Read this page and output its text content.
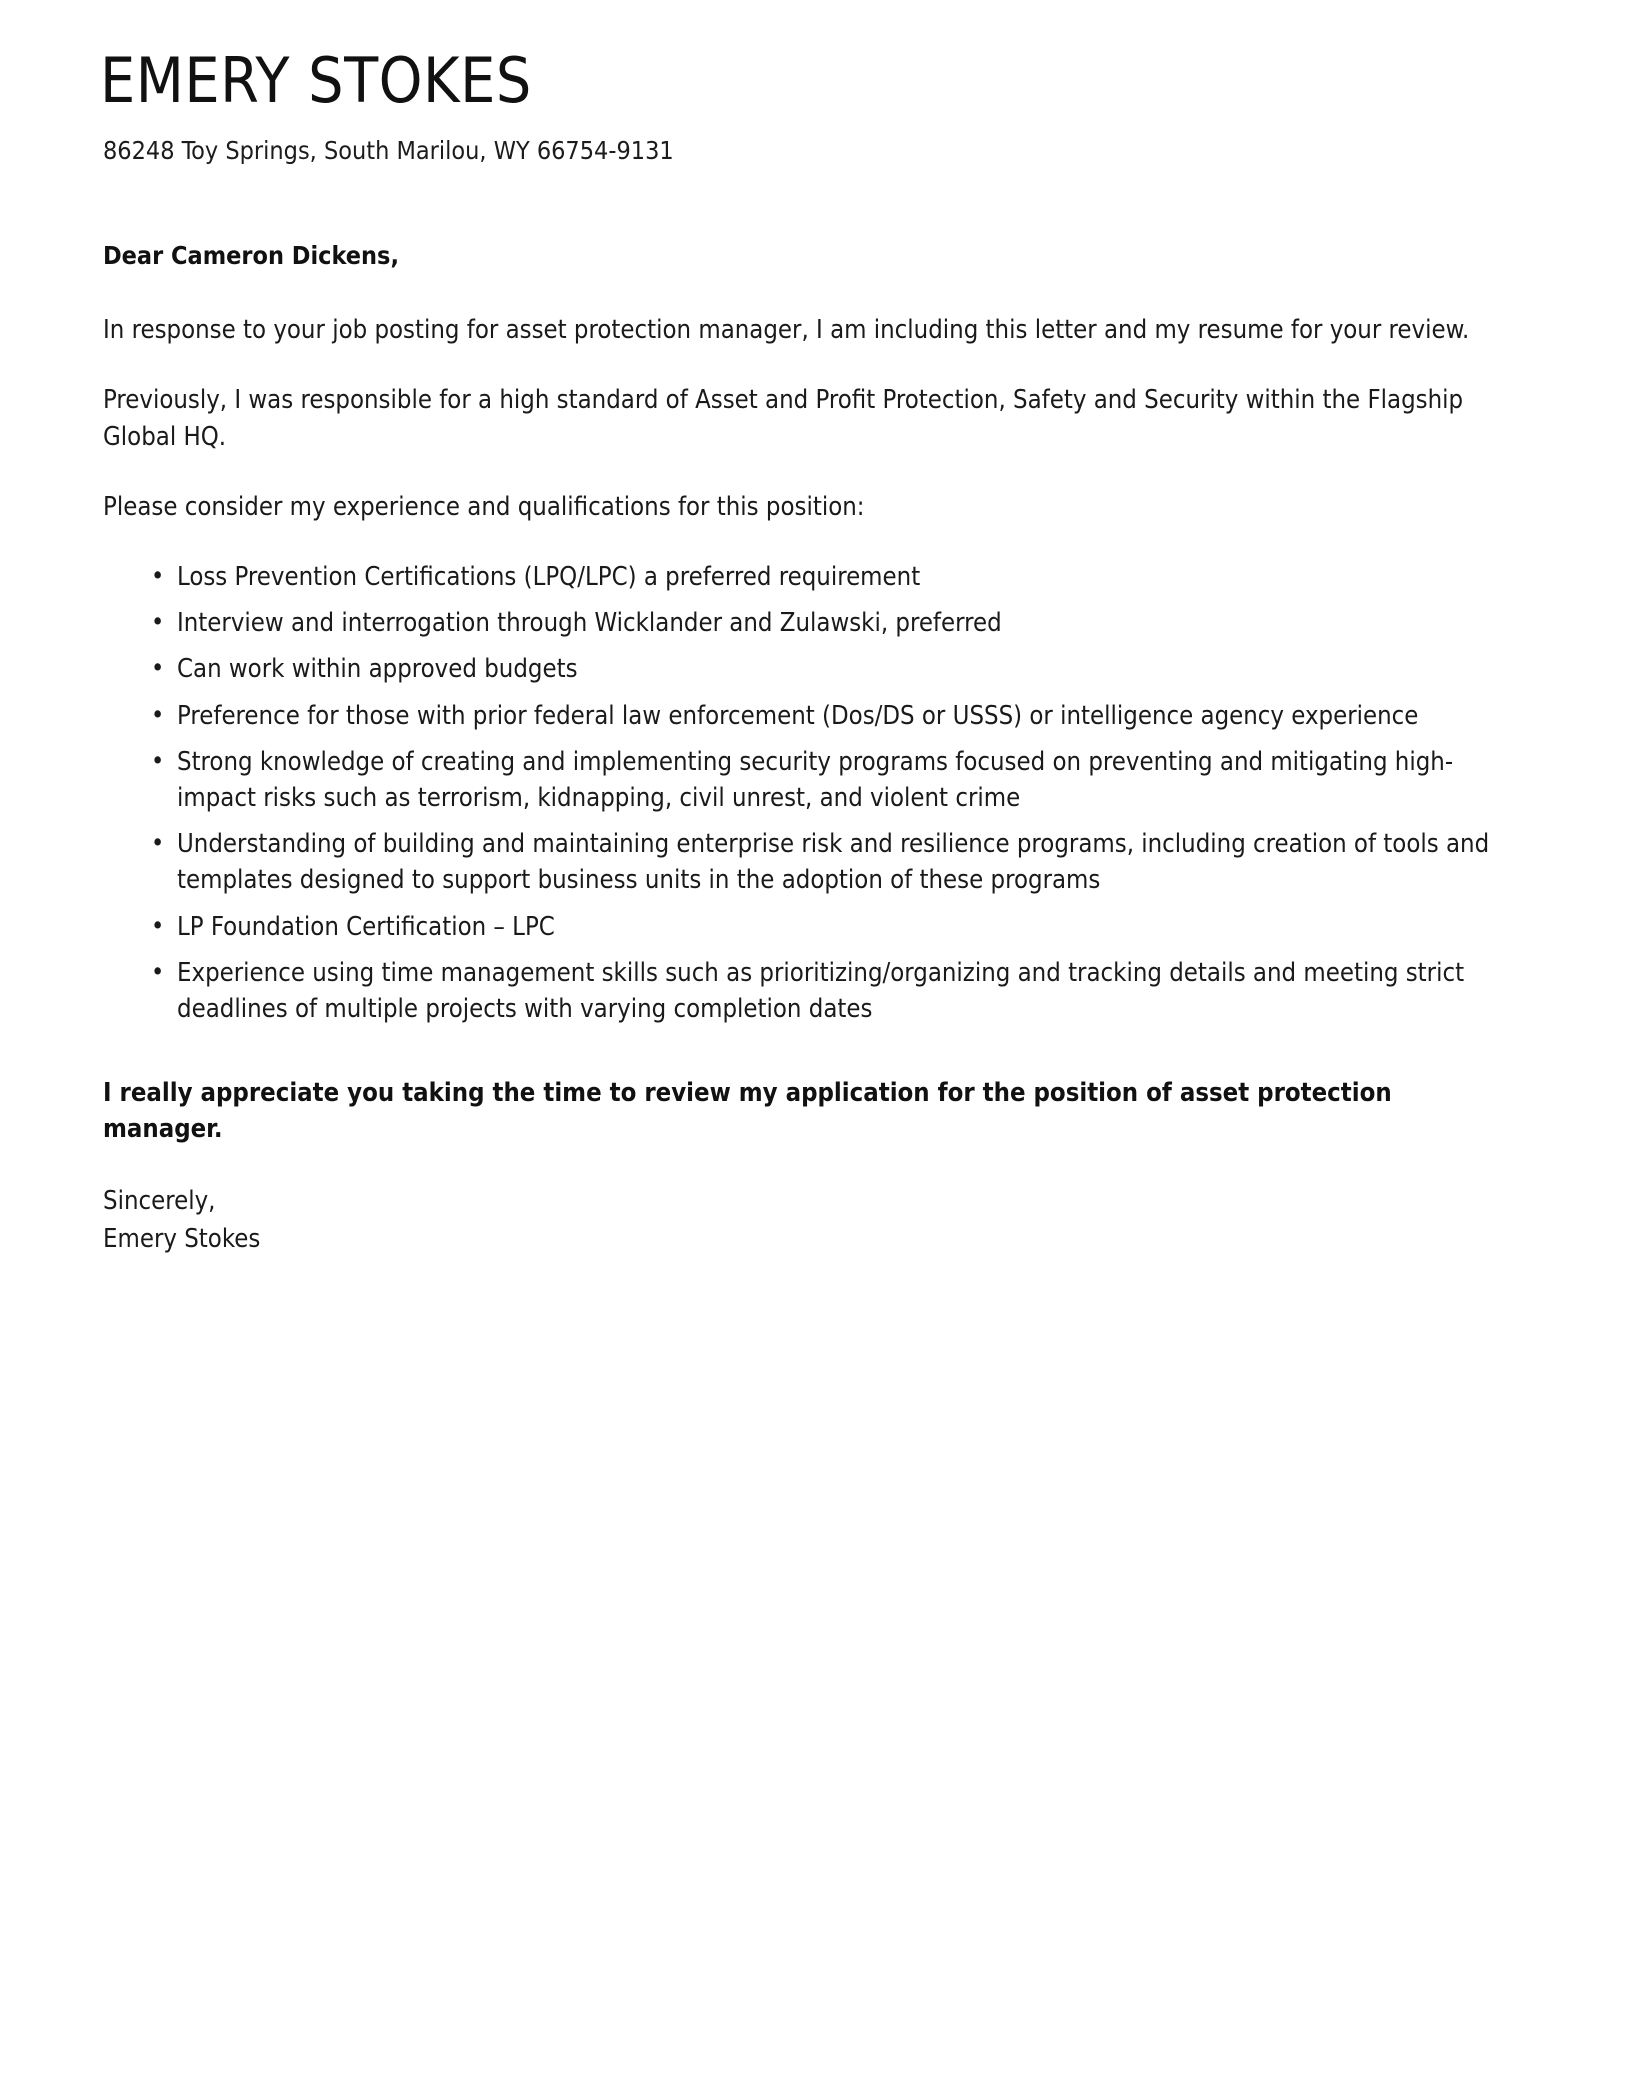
EMERY STOKES

86248 Toy Springs, South Marilou, WY 66754-9131

Dear Cameron Dickens,

In response to your job posting for asset protection manager, I am including this letter and my resume for your review.

Previously, I was responsible for a high standard of Asset and Profit Protection, Safety and Security within the Flagship Global HQ.

Please consider my experience and qualifications for this position:

• Loss Prevention Certifications (LPQ/LPC) a preferred requirement
• Interview and interrogation through Wicklander and Zulawski, preferred
• Can work within approved budgets
• Preference for those with prior federal law enforcement (Dos/DS or USSS) or intelligence agency experience
• Strong knowledge of creating and implementing security programs focused on preventing and mitigating high-impact risks such as terrorism, kidnapping, civil unrest, and violent crime
• Understanding of building and maintaining enterprise risk and resilience programs, including creation of tools and templates designed to support business units in the adoption of these programs
• LP Foundation Certification – LPC
• Experience using time management skills such as prioritizing/organizing and tracking details and meeting strict deadlines of multiple projects with varying completion dates

I really appreciate you taking the time to review my application for the position of asset protection manager.

Sincerely,
Emery Stokes
